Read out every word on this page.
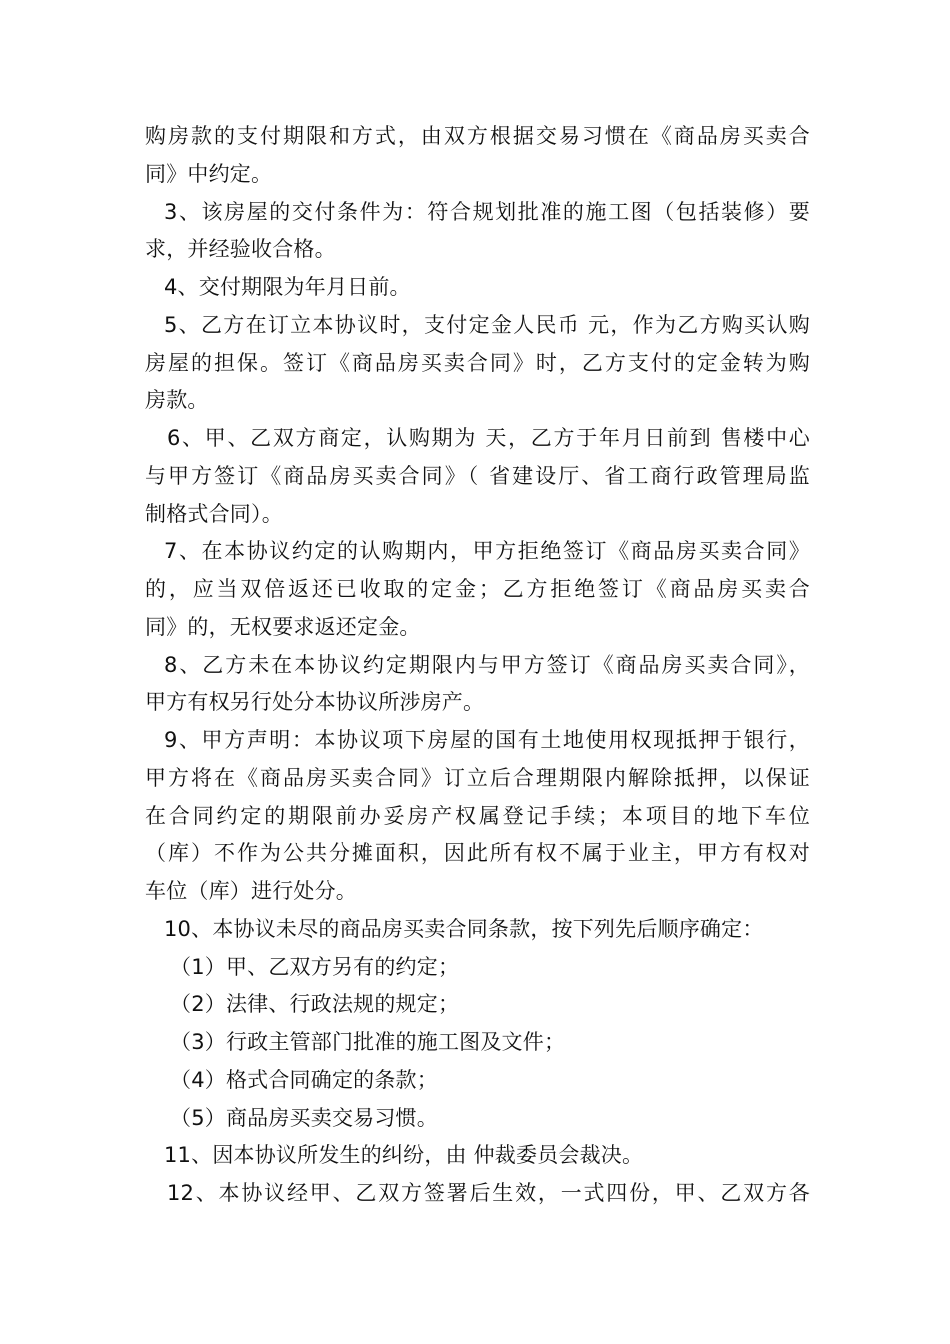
购房款的支付期限和方式，由双方根据交易习惯在《商品房买卖合
同》中约定。
3、该房屋的交付条件为：符合规划批准的施工图（包括装修）要
求，并经验收合格。
4、交付期限为年月日前。
5、乙方在订立本协议时，支付定金人民币 元，作为乙方购买认购
房屋的担保。签订《商品房买卖合同》时，乙方支付的定金转为购
房款。
6、甲、乙双方商定，认购期为 天，乙方于年月日前到 售楼中心
与甲方签订《商品房买卖合同》（ 省建设厅、省工商行政管理局监
制格式合同）。
7、在本协议约定的认购期内，甲方拒绝签订《商品房买卖合同》
的，应当双倍返还已收取的定金；乙方拒绝签订《商品房买卖合
同》的，无权要求返还定金。
8、乙方未在本协议约定期限内与甲方签订《商品房买卖合同》，
甲方有权另行处分本协议所涉房产。
9、甲方声明：本协议项下房屋的国有土地使用权现抵押于银行，
甲方将在《商品房买卖合同》订立后合理期限内解除抵押，以保证
在合同约定的期限前办妥房产权属登记手续；本项目的地下车位
（库）不作为公共分摊面积，因此所有权不属于业主，甲方有权对
车位（库）进行处分。
10、本协议未尽的商品房买卖合同条款，按下列先后顺序确定：
（1）甲、乙双方另有的约定；
（2）法律、行政法规的规定；
（3）行政主管部门批准的施工图及文件；
（4）格式合同确定的条款；
（5）商品房买卖交易习惯。
11、因本协议所发生的纠纷，由 仲裁委员会裁决。
12、本协议经甲、乙双方签署后生效，一式四份，甲、乙双方各
